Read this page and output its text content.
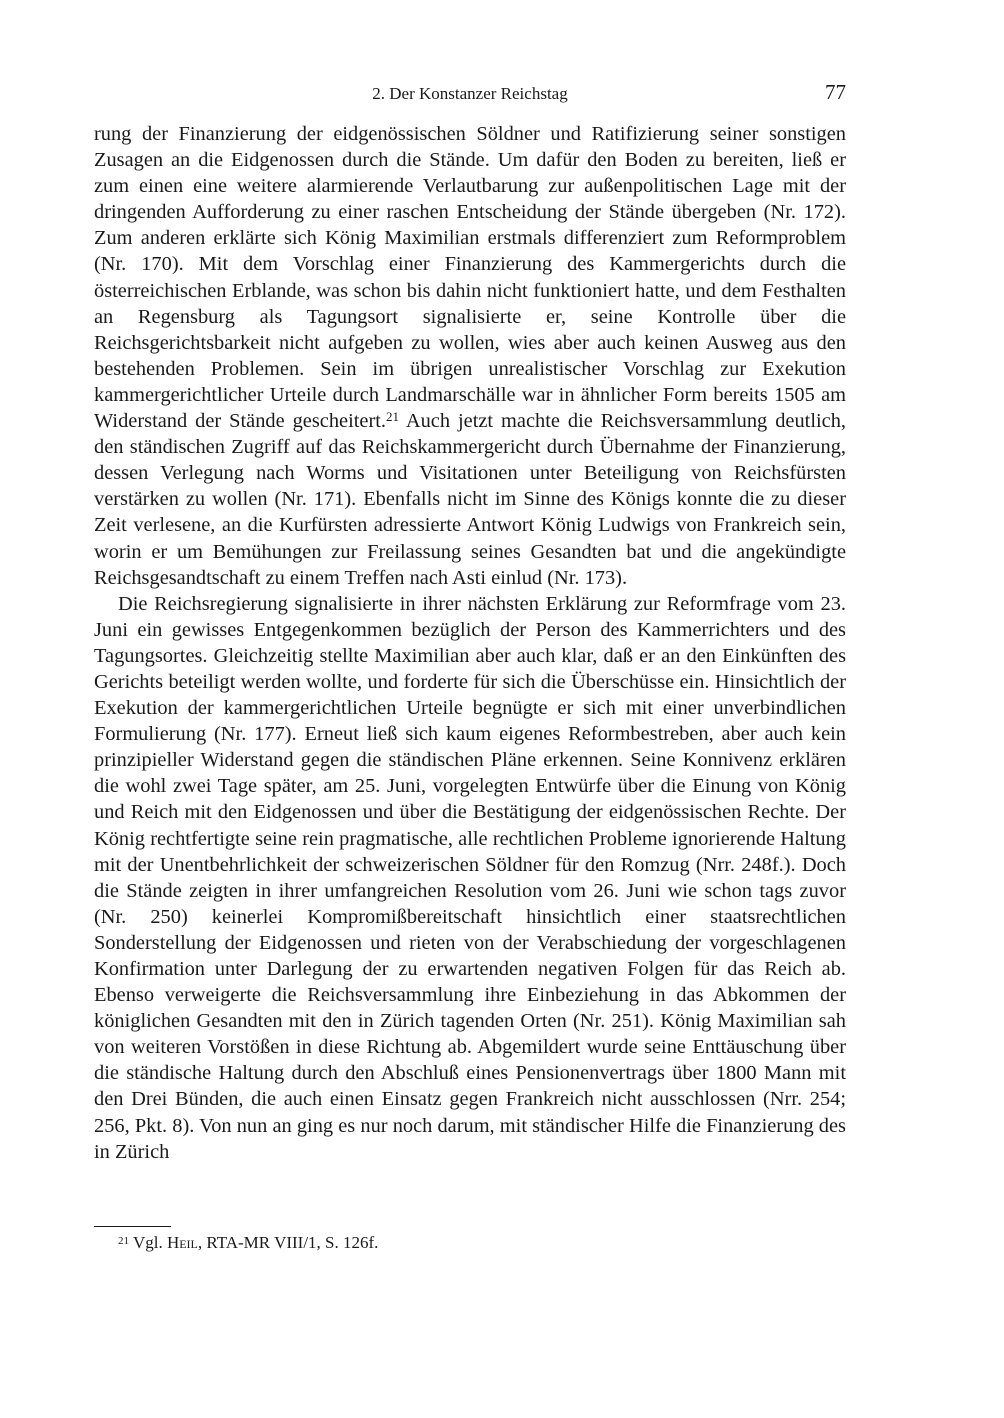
2. Der Konstanzer Reichstag	77

rung der Finanzierung der eidgenössischen Söldner und Ratifizierung seiner sonstigen Zusagen an die Eidgenossen durch die Stände. Um dafür den Boden zu bereiten, ließ er zum einen eine weitere alarmierende Verlautbarung zur außenpolitischen Lage mit der dringenden Aufforderung zu einer raschen Entscheidung der Stände übergeben (Nr. 172). Zum anderen erklärte sich König Maximilian erstmals differenziert zum Reformproblem (Nr. 170). Mit dem Vorschlag einer Finanzierung des Kammergerichts durch die österreichischen Erblande, was schon bis dahin nicht funktioniert hatte, und dem Festhalten an Regensburg als Tagungsort signalisierte er, seine Kontrolle über die Reichsgerichtsbarkeit nicht aufgeben zu wollen, wies aber auch keinen Ausweg aus den bestehenden Problemen. Sein im übrigen unrealistischer Vorschlag zur Exekution kammergerichtlicher Urteile durch Landmarschälle war in ähnlicher Form bereits 1505 am Widerstand der Stände gescheitert.$^{21}$ Auch jetzt machte die Reichsversammlung deutlich, den ständischen Zugriff auf das Reichskammergericht durch Übernahme der Finanzierung, dessen Verlegung nach Worms und Visitationen unter Beteiligung von Reichsfürsten verstärken zu wollen (Nr. 171). Ebenfalls nicht im Sinne des Königs konnte die zu dieser Zeit verlesene, an die Kurfürsten adressierte Antwort König Ludwigs von Frankreich sein, worin er um Bemühungen zur Freilassung seines Gesandten bat und die angekündigte Reichsgesandtschaft zu einem Treffen nach Asti einlud (Nr. 173).

Die Reichsregierung signalisierte in ihrer nächsten Erklärung zur Reformfrage vom 23. Juni ein gewisses Entgegenkommen bezüglich der Person des Kammerrichters und des Tagungsortes. Gleichzeitig stellte Maximilian aber auch klar, daß er an den Einkünften des Gerichts beteiligt werden wollte, und forderte für sich die Überschüsse ein. Hinsichtlich der Exekution der kammergerichtlichen Urteile begnügte er sich mit einer unverbindlichen Formulierung (Nr. 177). Erneut ließ sich kaum eigenes Reformbestreben, aber auch kein prinzipieller Widerstand gegen die ständischen Pläne erkennen. Seine Konnivenz erklären die wohl zwei Tage später, am 25. Juni, vorgelegten Entwürfe über die Einung von König und Reich mit den Eidgenossen und über die Bestätigung der eidgenössischen Rechte. Der König rechtfertigte seine rein pragmatische, alle rechtlichen Probleme ignorierende Haltung mit der Unentbehrlichkeit der schweizerischen Söldner für den Romzug (Nrr. 248f.). Doch die Stände zeigten in ihrer umfangreichen Resolution vom 26. Juni wie schon tags zuvor (Nr. 250) keinerlei Kompromißbereitschaft hinsichtlich einer staatsrechtlichen Sonderstellung der Eidgenossen und rieten von der Verabschiedung der vorgeschlagenen Konfirmation unter Darlegung der zu erwartenden negativen Folgen für das Reich ab. Ebenso verweigerte die Reichsversammlung ihre Einbeziehung in das Abkommen der königlichen Gesandten mit den in Zürich tagenden Orten (Nr. 251). König Maximilian sah von weiteren Vorstößen in diese Richtung ab. Abgemildert wurde seine Enttäuschung über die ständische Haltung durch den Abschluß eines Pensionenvertrags über 1800 Mann mit den Drei Bünden, die auch einen Einsatz gegen Frankreich nicht ausschlossen (Nrr. 254; 256, Pkt. 8). Von nun an ging es nur noch darum, mit ständischer Hilfe die Finanzierung des in Zürich

$^{21}$ Vgl. Heil, RTA-MR VIII/1, S. 126f.
